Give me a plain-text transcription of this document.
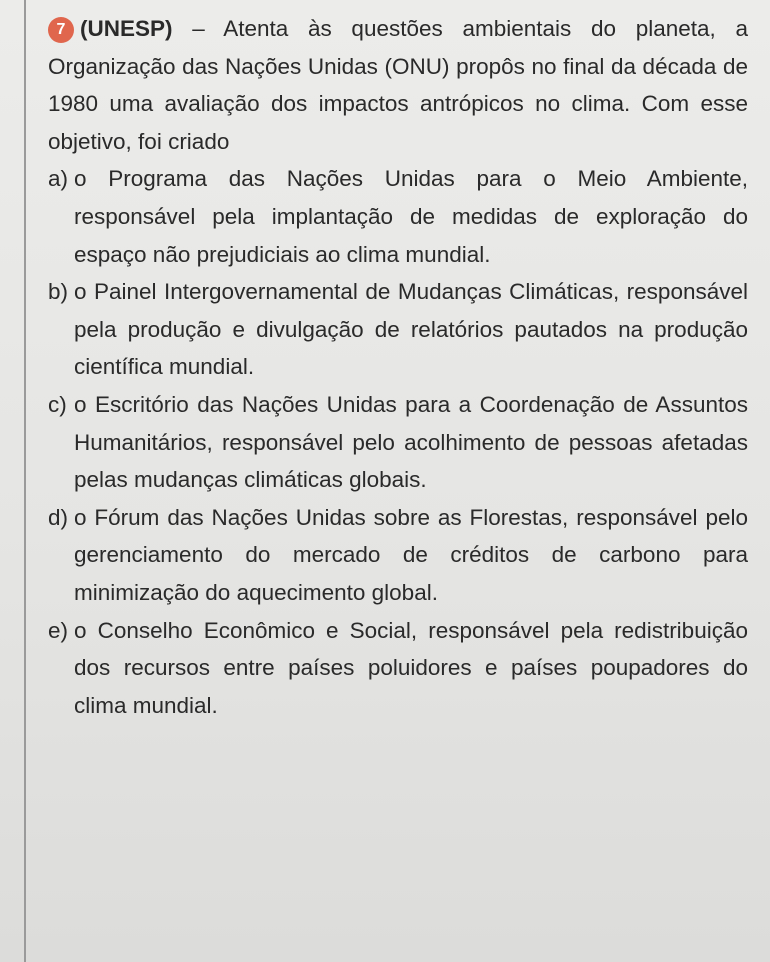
7 (UNESP) – Atenta às questões ambientais do planeta, a Organização das Nações Unidas (ONU) propôs no final da década de 1980 uma avaliação dos impactos antrópicos no clima. Com esse objetivo, foi criado

a) o Programa das Nações Unidas para o Meio Ambiente, responsável pela implantação de medidas de exploração do espaço não prejudiciais ao clima mundial.

b) o Painel Intergovernamental de Mudanças Climáticas, responsável pela produção e divulgação de relatórios pautados na produção científica mundial.

c) o Escritório das Nações Unidas para a Coordenação de Assuntos Humanitários, responsável pelo acolhimento de pessoas afetadas pelas mudanças climáticas globais.

d) o Fórum das Nações Unidas sobre as Florestas, responsável pelo gerenciamento do mercado de créditos de carbono para minimização do aquecimento global.

e) o Conselho Econômico e Social, responsável pela redistribuição dos recursos entre países poluidores e países poupadores do clima mundial.
